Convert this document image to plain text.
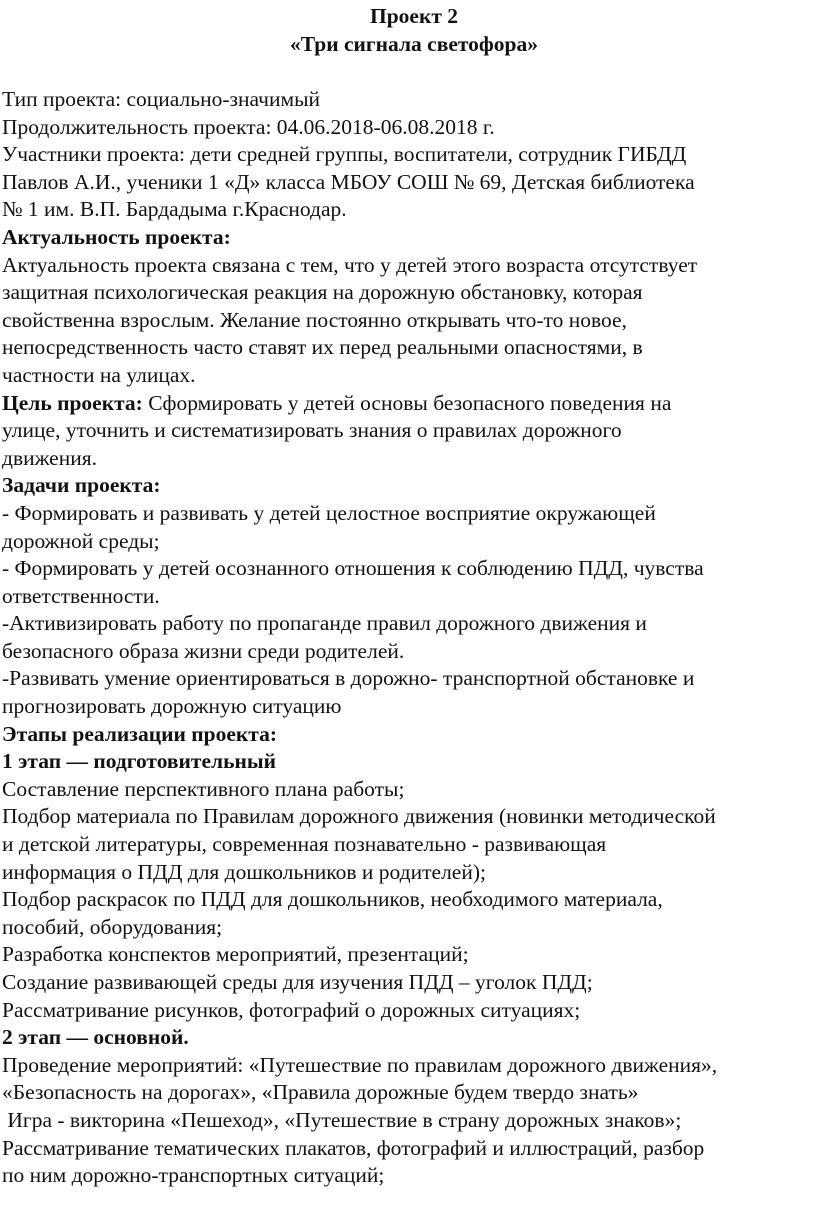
Проект 2
«Три сигнала светофора»
Тип проекта: социально-значимый
Продолжительность проекта: 04.06.2018-06.08.2018 г.
Участники проекта: дети средней группы, воспитатели, сотрудник ГИБДД
Павлов А.И., ученики 1 «Д» класса МБОУ СОШ № 69, Детская библиотека
№ 1 им. В.П. Бардадыма г.Краснодар.
Актуальность проекта:
Актуальность проекта связана с тем, что у детей этого возраста отсутствует
защитная психологическая реакция на дорожную обстановку, которая
свойственна взрослым. Желание постоянно открывать что-то новое,
непосредственность часто ставят их перед реальными опасностями, в
частности на улицах.
Цель проекта: Сформировать у детей основы безопасного поведения на
улице, уточнить и систематизировать знания о правилах дорожного
движения.
Задачи проекта:
- Формировать и развивать у детей целостное восприятие окружающей
дорожной среды;
- Формировать у детей осознанного отношения к соблюдению ПДД, чувства
ответственности.
-Активизировать работу по пропаганде правил дорожного движения и
безопасного образа жизни среди родителей.
-Развивать умение ориентироваться в дорожно- транспортной обстановке и
прогнозировать дорожную ситуацию
Этапы реализации проекта:
1 этап — подготовительный
Составление перспективного плана работы;
Подбор материала по Правилам дорожного движения (новинки методической
и детской литературы, современная познавательно - развивающая
информация о ПДД для дошкольников и родителей);
Подбор раскрасок по ПДД для дошкольников, необходимого материала,
пособий, оборудования;
Разработка конспектов мероприятий, презентаций;
Создание развивающей среды для изучения ПДД – уголок ПДД;
Рассматривание рисунков, фотографий о дорожных ситуациях;
2 этап — основной.
Проведение мероприятий: «Путешествие по правилам дорожного движения»,
«Безопасность на дорогах», «Правила дорожные будем твердо знать»
Игра - викторина «Пешеход», «Путешествие в страну дорожных знаков»;
Рассматривание тематических плакатов, фотографий и иллюстраций, разбор
по ним дорожно-транспортных ситуаций;
